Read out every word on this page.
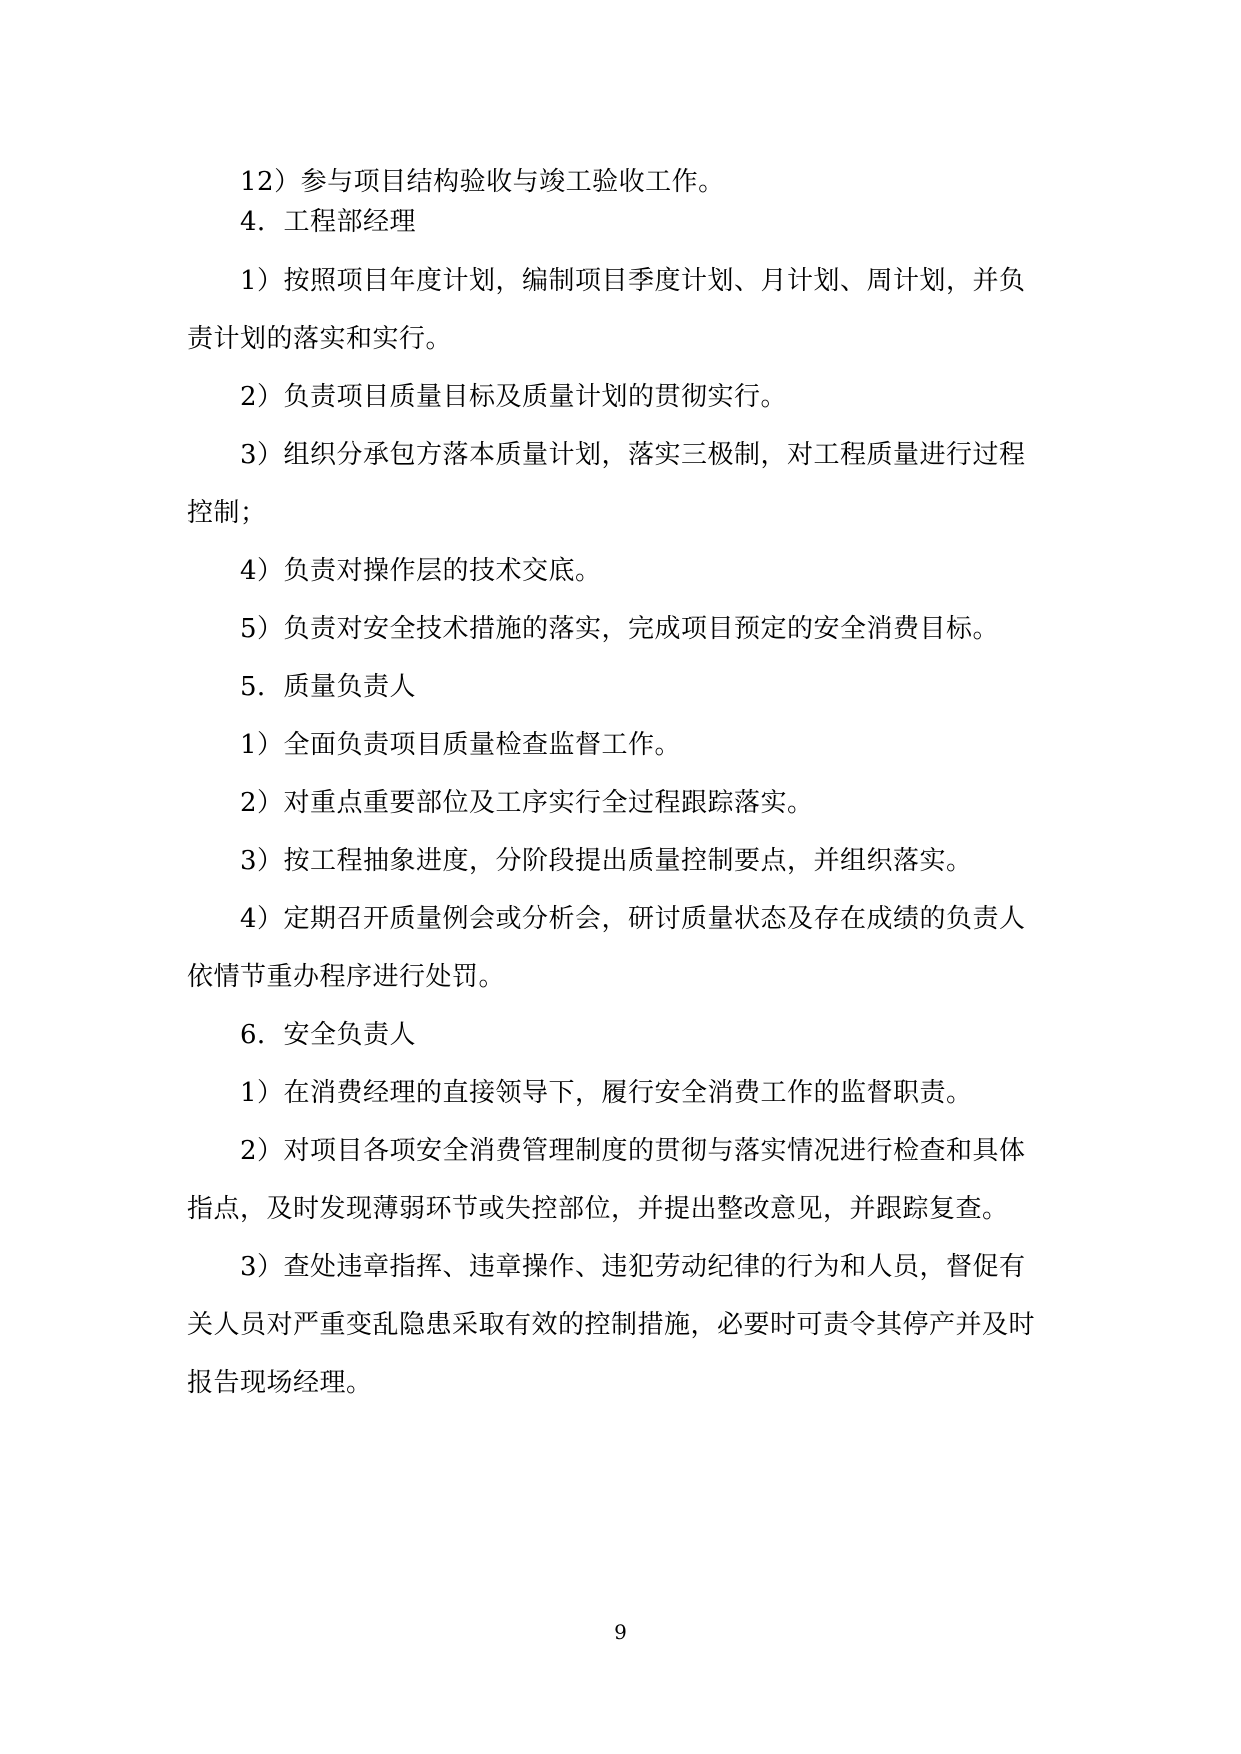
12）参与项目结构验收与竣工验收工作。
4．工程部经理
1）按照项目年度计划，编制项目季度计划、月计划、周计划，并负
责计划的落实和实行。
2）负责项目质量目标及质量计划的贯彻实行。
3）组织分承包方落本质量计划，落实三极制，对工程质量进行过程
控制；
4）负责对操作层的技术交底。
5）负责对安全技术措施的落实，完成项目预定的安全消费目标。
5．质量负责人
1）全面负责项目质量检查监督工作。
2）对重点重要部位及工序实行全过程跟踪落实。
3）按工程抽象进度，分阶段提出质量控制要点，并组织落实。
4）定期召开质量例会或分析会，研讨质量状态及存在成绩的负责人
依情节重办程序进行处罚。
6．安全负责人
1）在消费经理的直接领导下，履行安全消费工作的监督职责。
2）对项目各项安全消费管理制度的贯彻与落实情况进行检查和具体
指点，及时发现薄弱环节或失控部位，并提出整改意见，并跟踪复查。
3）查处违章指挥、违章操作、违犯劳动纪律的行为和人员，督促有
关人员对严重变乱隐患采取有效的控制措施，必要时可责令其停产并及时
报告现场经理。
9
